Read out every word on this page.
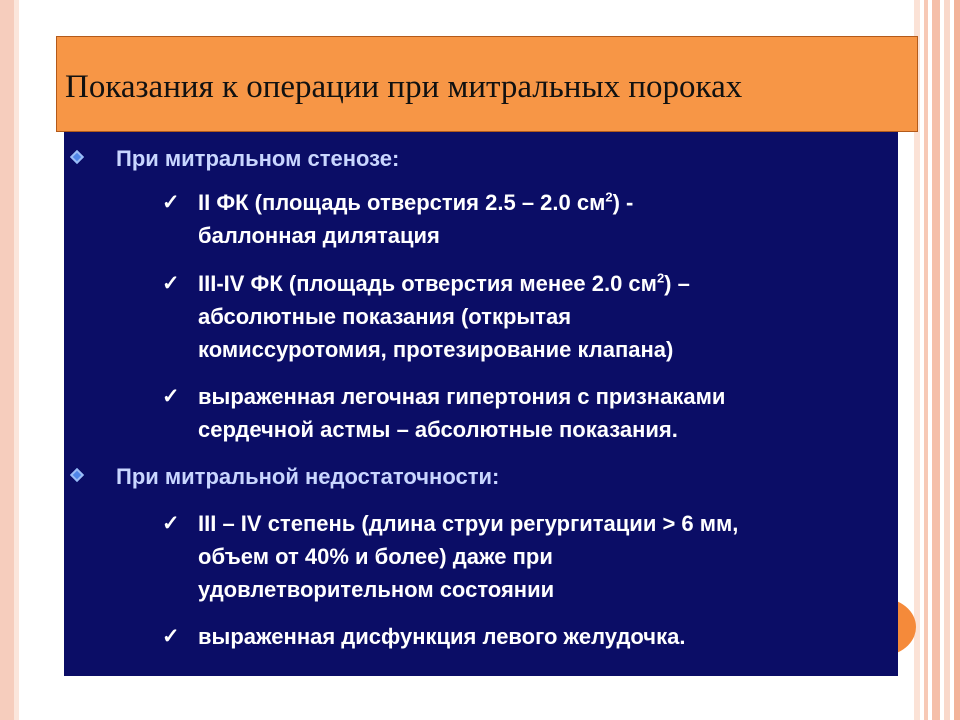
Показания к операции при митральных пороках
При митральном стенозе:
✓ II ФК (площадь отверстия 2.5 – 2.0 $см^2$) -
баллонная дилятация
✓ III-IV ФК (площадь отверстия менее 2.0 $см^2$) –
абсолютные показания (открытая
комиссуротомия, протезирование клапана)
✓ выраженная легочная гипертония с признаками
сердечной астмы – абсолютные показания.
При митральной недостаточности:
✓ III – IV степень (длина струи регургитации > 6 мм,
объем от 40% и более) даже при
удовлетворительном состоянии
✓ выраженная дисфункция левого желудочка.
